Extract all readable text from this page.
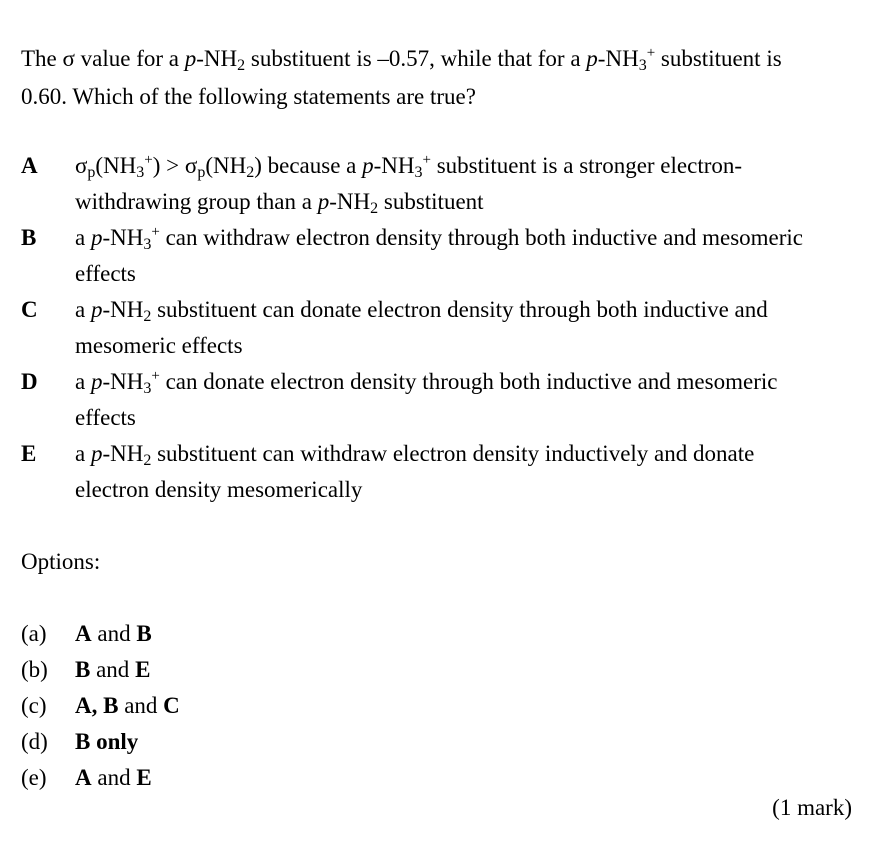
The σ value for a $p-NH_2$ substituent is –0.57, while that for a $p-NH_3^+$ substituent is
0.60. Which of the following statements are true?
A	$\sigma_p(NH_3^+) > \sigma_p(NH_2)$ because a $p-NH_3^+$ substituent is a stronger electron-
withdrawing group than a $p-NH_2$ substituent
B	a $p-NH_3^+$ can withdraw electron density through both inductive and mesomeric
effects
C	a $p-NH_2$ substituent can donate electron density through both inductive and
mesomeric effects
D	a $p-NH_3^+$ can donate electron density through both inductive and mesomeric
effects
E	a $p-NH_2$ substituent can withdraw electron density inductively and donate
electron density mesomerically
Options:
(a) A and B
(b) B and E
(c) A, B and C
(d) B only
(e) A and E
(1 mark)
